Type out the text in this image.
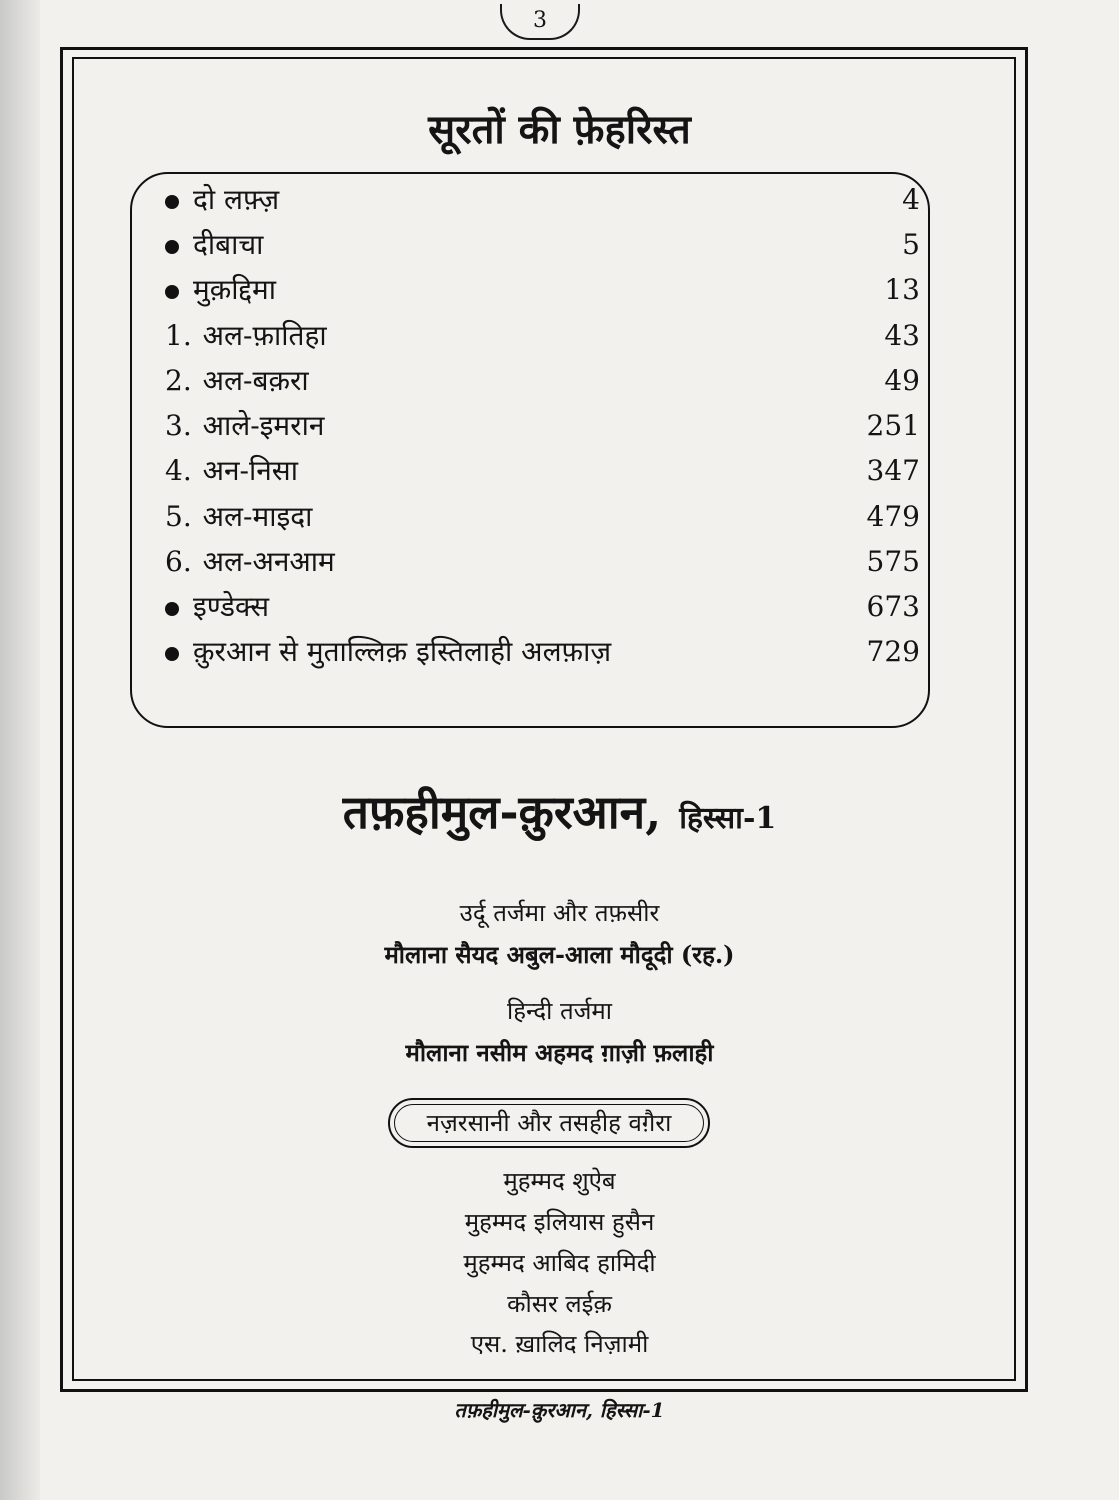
3
सूरतों की फ़ेहरिस्त
दो लफ़्ज़	4
दीबाचा	5
मुक़द्दिमा	13
1. अल-फ़ातिहा	43
2. अल-बक़रा	49
3. आले-इमरान	251
4. अन-निसा	347
5. अल-माइदा	479
6. अल-अनआम	575
इण्डेक्स	673
क़ुरआन से मुताल्लिक़ इस्तिलाही अलफ़ाज़	729
तफ़हीमुल-क़ुरआन, हिस्सा-1
उर्दू तर्जमा और तफ़सीर
मौलाना सैयद अबुल-आला मौदूदी (रह.)
हिन्दी तर्जमा
मौलाना नसीम अहमद ग़ाज़ी फ़लाही
नज़रसानी और तसहीह वग़ैरा
मुहम्मद शुऐब
मुहम्मद इलियास हुसैन
मुहम्मद आबिद हामिदी
कौसर लईक़
एस. ख़ालिद निज़ामी
तफ़हीमुल-क़ुरआन, हिस्सा-1
